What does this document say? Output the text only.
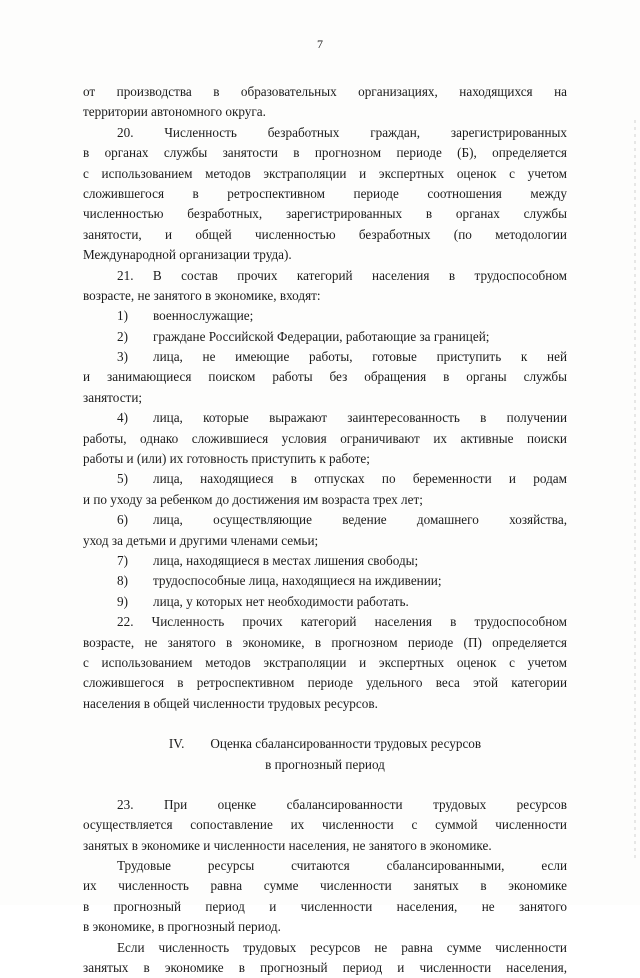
7
от производства в образовательных организациях, находящихся на
территории автономного округа.
20. Численность безработных граждан, зарегистрированных
в органах службы занятости в прогнозном периоде (Б), определяется
с использованием методов экстраполяции и экспертных оценок с учетом
сложившегося в ретроспективном периоде соотношения между
численностью безработных, зарегистрированных в органах службы
занятости, и общей численностью безработных (по методологии
Международной организации труда).
21. В состав прочих категорий населения в трудоспособном
возрасте, не занятого в экономике, входят:
1)	военнослужащие;
2)	граждане Российской Федерации, работающие за границей;
3)	лица, не имеющие работы, готовые приступить к ней
и занимающиеся поиском работы без обращения в органы службы
занятости;
4)	лица, которые выражают заинтересованность в получении
работы, однако сложившиеся условия ограничивают их активные поиски
работы и (или) их готовность приступить к работе;
5)	лица, находящиеся в отпусках по беременности и родам
и по уходу за ребенком до достижения им возраста трех лет;
6)	лица, осуществляющие ведение домашнего хозяйства,
уход за детьми и другими членами семьи;
7)	лица, находящиеся в местах лишения свободы;
8)	трудоспособные лица, находящиеся на иждивении;
9)	лица, у которых нет необходимости работать.
22. Численность прочих категорий населения в трудоспособном
возрасте, не занятого в экономике, в прогнозном периоде (П) определяется
с использованием методов экстраполяции и экспертных оценок с учетом
сложившегося в ретроспективном периоде удельного веса этой категории
населения в общей численности трудовых ресурсов.
IV. Оценка сбалансированности трудовых ресурсов
в прогнозный период
23. При оценке сбалансированности трудовых ресурсов
осуществляется сопоставление их численности с суммой численности
занятых в экономике и численности населения, не занятого в экономике.
Трудовые ресурсы считаются сбалансированными, если
их численность равна сумме численности занятых в экономике
в прогнозный период и численности населения, не занятого
в экономике, в прогнозный период.
Если численность трудовых ресурсов не равна сумме численности
занятых в экономике в прогнозный период и численности населения,
